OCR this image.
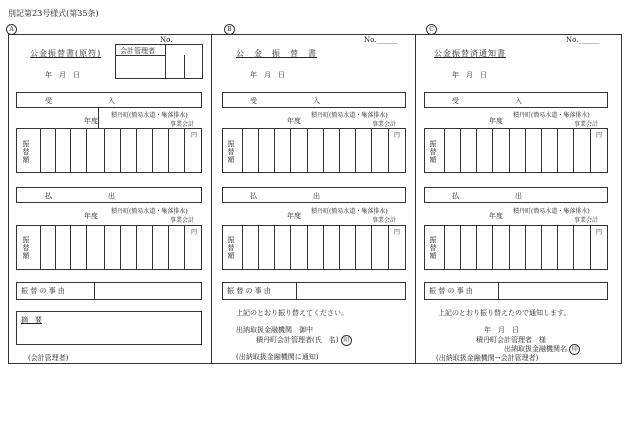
別記第23号様式(第35条)
A	B	C
公金振替書(原符)
年　月　日
No.
会計管理者
受　　　　　　　　入
年度
積丹町(簡易水道・集落排水)
事業会計
振替額
円
払　　　　　　　　出
年度
積丹町(簡易水道・集落排水)
事業会計
振替額
円
振 替 の 事 由
摘　要
(会計管理者)
No.______
公　金　振　替　書
年　月　日
受　　　　　　　　入
年度
積丹町(簡易水道・集落排水)
事業会計
振替額
円
払　　　　　　　　出
年度
積丹町(簡易水道・集落排水)
事業会計
振替額
円
振 替 の 事 由
上記のとおり振り替えてください。
出納取扱金融機関　御中
積丹町会計管理者(氏　名) 印
(出納取扱金融機関に通知)
No.______
公金振替済通知書
年　月　日
受　　　　　　　　入
年度
積丹町(簡易水道・集落排水)
事業会計
振替額
円
払　　　　　　　　出
年度
積丹町(簡易水道・集落排水)
事業会計
振替額
円
振 替 の 事 由
上記のとおり振り替えたので通知します。
年　月　日
積丹町会計管理者　様
出納取扱金融機関名 印
(出納取扱金融機関→会計管理者)
